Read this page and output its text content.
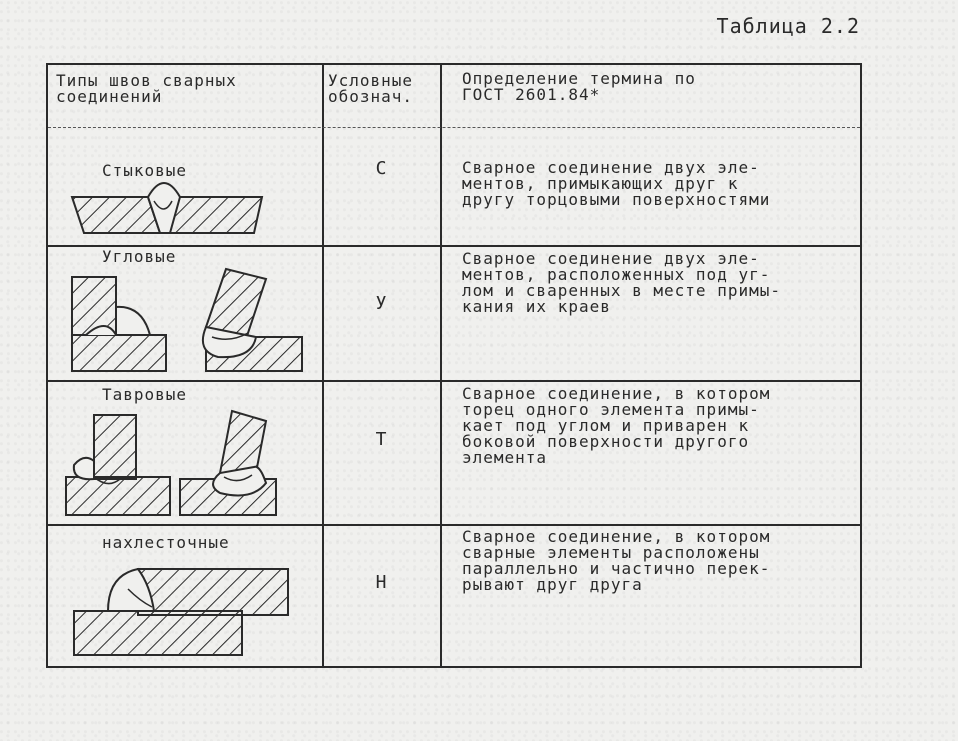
Таблица 2.2
Типы швов сварных
соединений
Условные
обознач.
Определение термина по
ГОСТ 2601.84*
Стыковые	С	Сварное соединение двух эле-
ментов, примыкающих друг к
другу торцовыми поверхностями
Угловые
У
Сварное соединение двух эле-
ментов, расположенных под уг-
лом и сваренных в месте примы-
кания их краев
Тавровые
Т
Сварное соединение, в котором
торец одного элемента примы-
кает под углом и приварен к
боковой поверхности другого
элемента
нахлесточные
Н
Сварное соединение, в котором
сварные элементы расположены
параллельно и частично перек-
рывают друг друга
